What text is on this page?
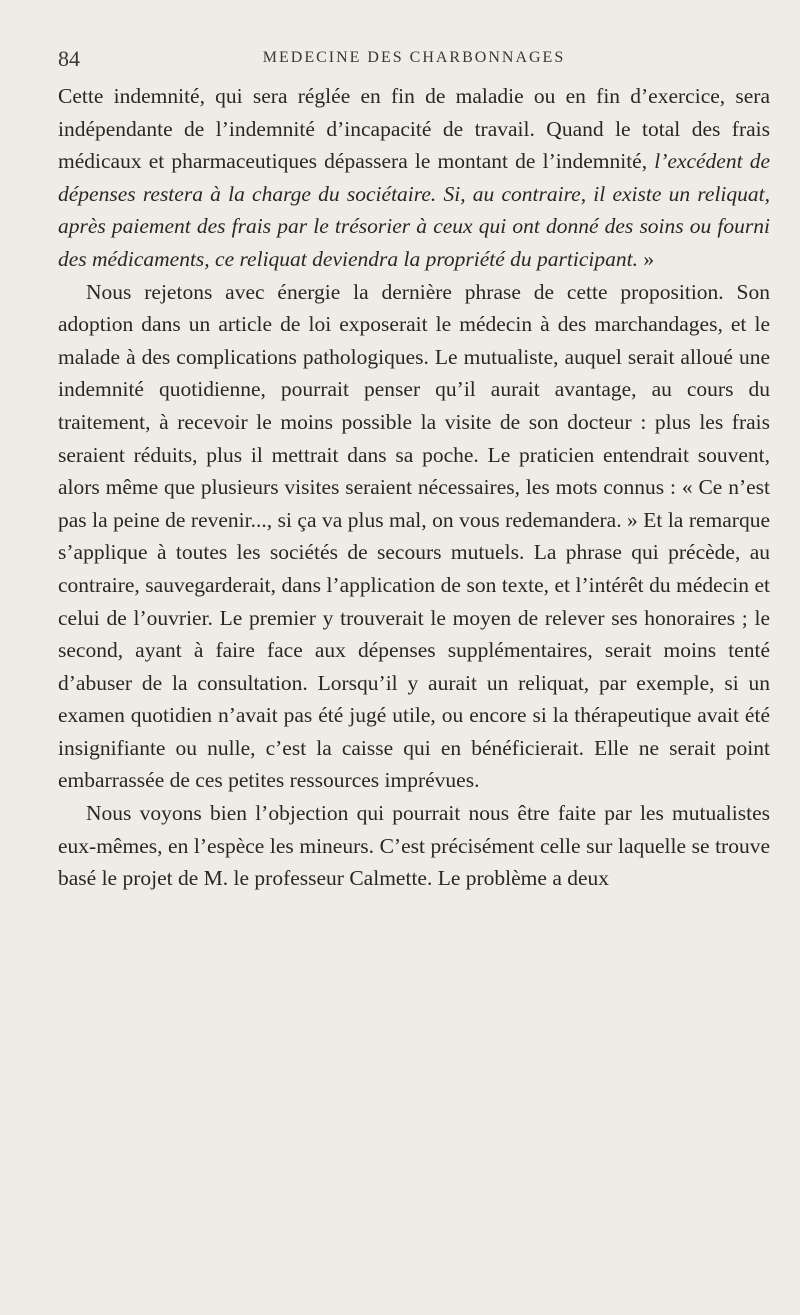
84	MEDECINE DES CHARBONNAGES

Cette indemnité, qui sera réglée en fin de maladie ou en fin d’exercice, sera indépendante de l’indemnité d’incapacité de travail. Quand le total des frais médicaux et pharmaceutiques dépassera le montant de l’indemnité, l’excédent de dépenses restera à la charge du sociétaire. Si, au contraire, il existe un reliquat, après paiement des frais par le trésorier à ceux qui ont donné des soins ou fourni des médicaments, ce reliquat deviendra la propriété du participant. »

Nous rejetons avec énergie la dernière phrase de cette proposition. Son adoption dans un article de loi exposerait le médecin à des marchandages, et le malade à des complications pathologiques. Le mutualiste, auquel serait alloué une indemnité quotidienne, pourrait penser qu’il aurait avantage, au cours du traitement, à recevoir le moins possible la visite de son docteur : plus les frais seraient réduits, plus il mettrait dans sa poche. Le praticien entendrait souvent, alors même que plusieurs visites seraient nécessaires, les mots connus : « Ce n’est pas la peine de revenir..., si ça va plus mal, on vous redemandera. » Et la remarque s’applique à toutes les sociétés de secours mutuels. La phrase qui précède, au contraire, sauvegarderait, dans l’application de son texte, et l’intérêt du médecin et celui de l’ouvrier. Le premier y trouverait le moyen de relever ses honoraires ; le second, ayant à faire face aux dépenses supplémentaires, serait moins tenté d’abuser de la consultation. Lorsqu’il y aurait un reliquat, par exemple, si un examen quotidien n’avait pas été jugé utile, ou encore si la thérapeutique avait été insignifiante ou nulle, c’est la caisse qui en bénéficierait. Elle ne serait point embarrassée de ces petites ressources imprévues.

Nous voyons bien l’objection qui pourrait nous être faite par les mutualistes eux-mêmes, en l’espèce les mineurs. C’est précisément celle sur laquelle se trouve basé le projet de M. le professeur Calmette. Le problème a deux
